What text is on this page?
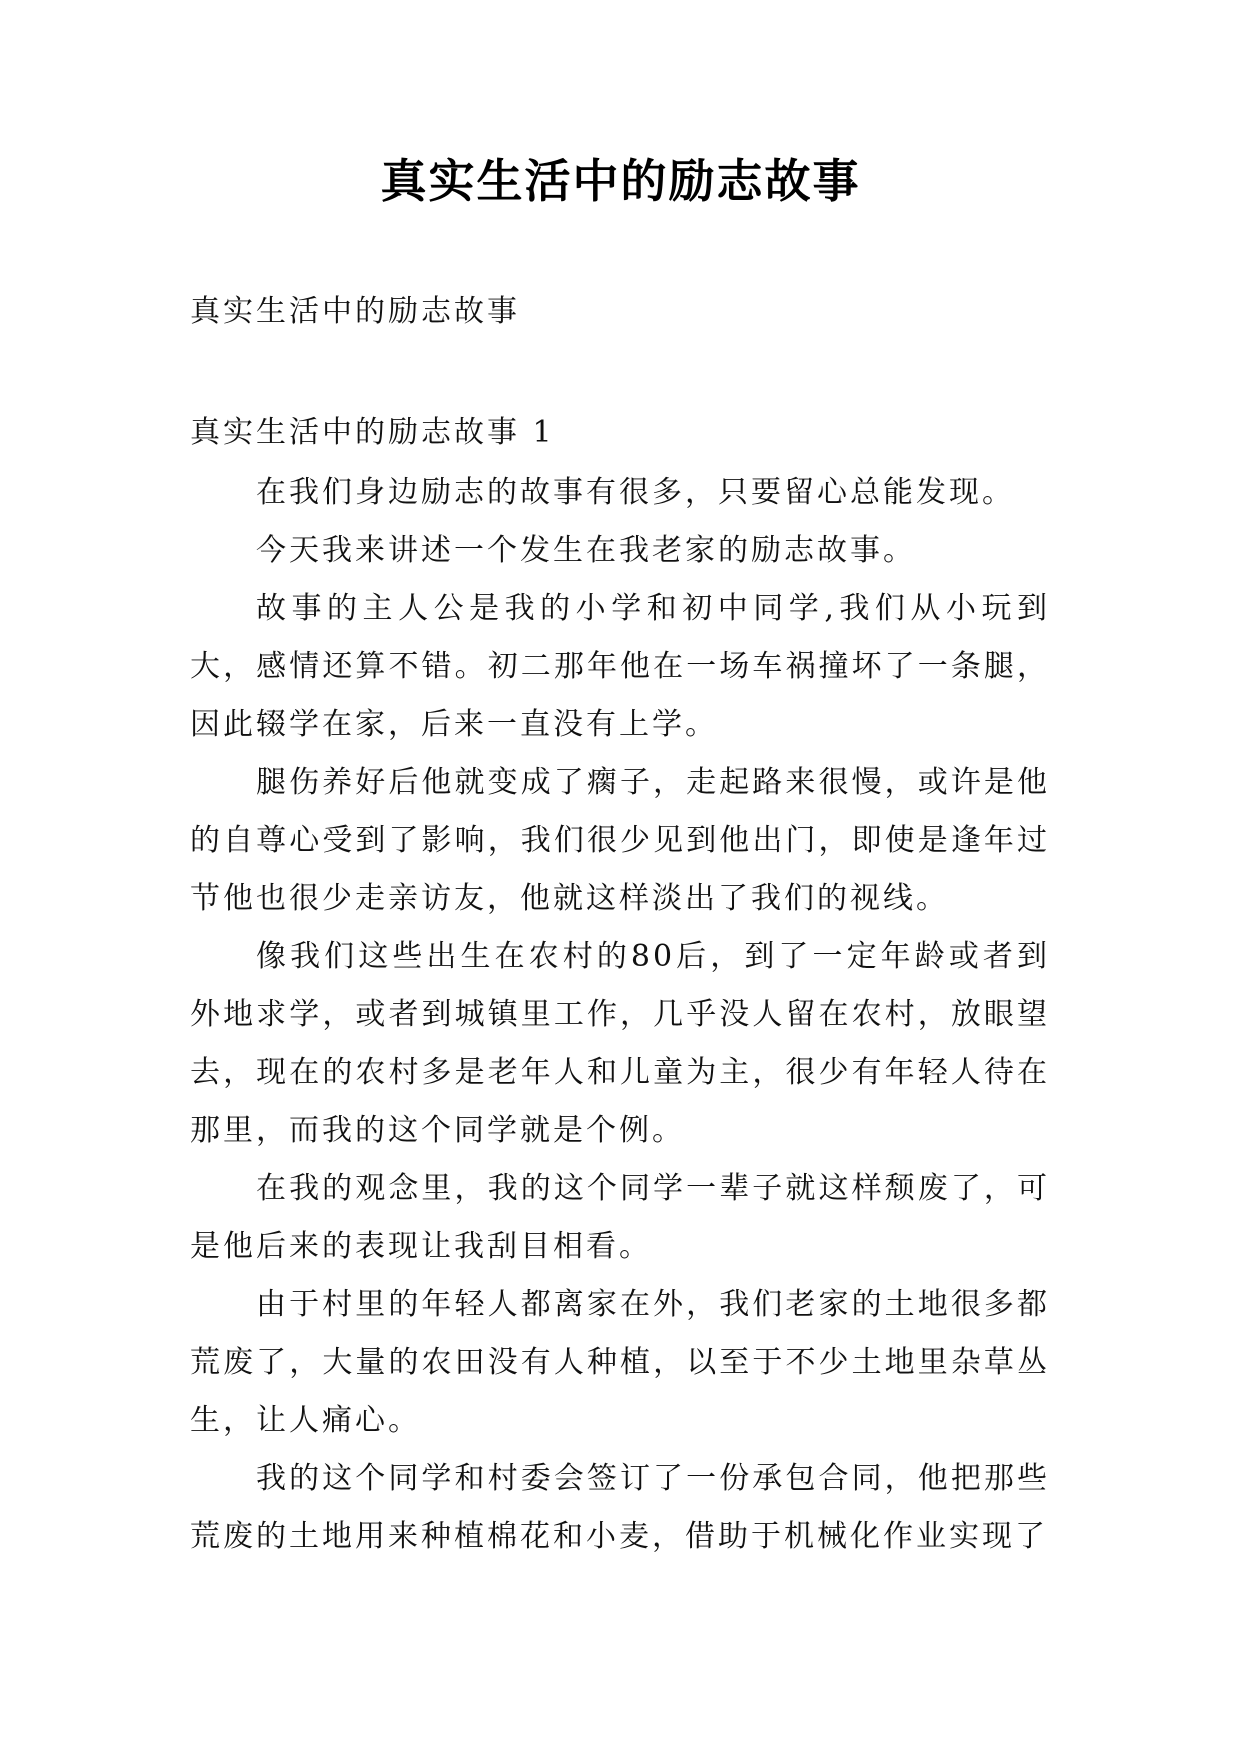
真实生活中的励志故事

真实生活中的励志故事

真实生活中的励志故事 1

在我们身边励志的故事有很多，只要留心总能发现。

今天我来讲述一个发生在我老家的励志故事。

故事的主人公是我的小学和初中同学,我们从小玩到大，感情还算不错。初二那年他在一场车祸撞坏了一条腿，因此辍学在家，后来一直没有上学。

腿伤养好后他就变成了瘸子，走起路来很慢，或许是他的自尊心受到了影响，我们很少见到他出门，即使是逢年过节他也很少走亲访友，他就这样淡出了我们的视线。

像我们这些出生在农村的80后，到了一定年龄或者到外地求学，或者到城镇里工作，几乎没人留在农村，放眼望去，现在的农村多是老年人和儿童为主，很少有年轻人待在那里，而我的这个同学就是个例。

在我的观念里，我的这个同学一辈子就这样颓废了，可是他后来的表现让我刮目相看。

由于村里的年轻人都离家在外，我们老家的土地很多都荒废了，大量的农田没有人种植，以至于不少土地里杂草丛生，让人痛心。

我的这个同学和村委会签订了一份承包合同，他把那些荒废的土地用来种植棉花和小麦，借助于机械化作业实现了
